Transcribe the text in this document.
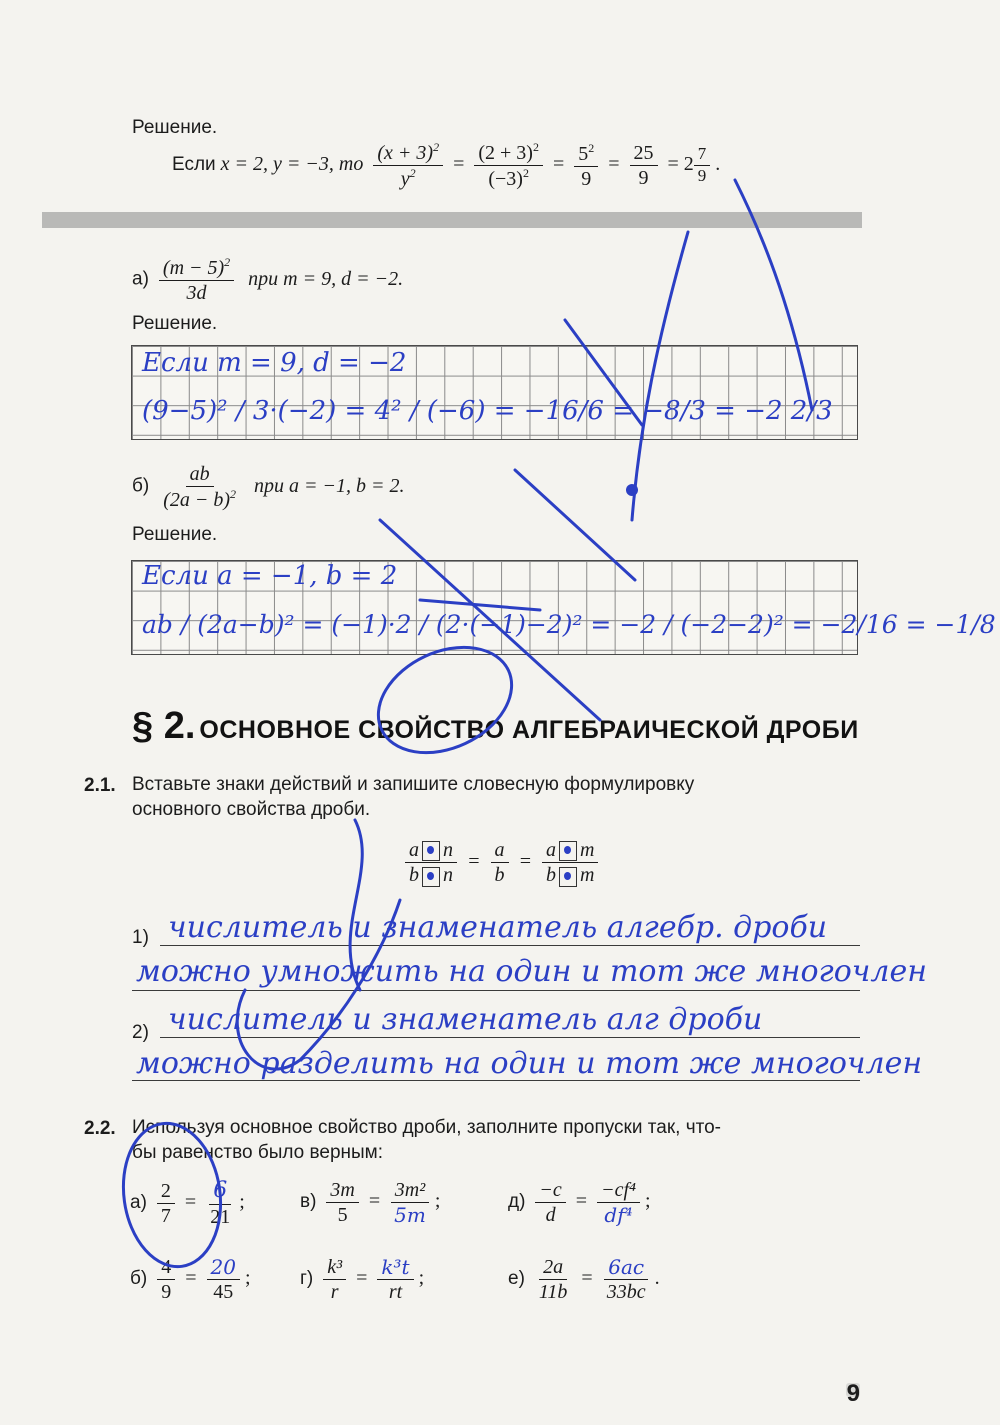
Решение.
Если x = 2, y = −3, то $\frac{(x + 3)^2}{y^2} = \frac{(2 + 3)^2}{(-3)^2} = \frac{5^2}{9} = \frac{25}{9} = 2 \frac{7}{9}$ .
$а) \frac{(m - 5)^2}{3d}$ при m = 9, d = −2.
Решение.
Если m = 9, d = −2
(9−5)² / 3·(−2) = 4² / (−6) = −16/6 = −8/3 = −2 2/3
$б) \frac{ab}{(2a - b)^2}$ при a = −1, b = 2.
Решение.
Если a = −1, b = 2
ab / (2a−b)² = (−1)·2 / (2·(−1)−2)² = −2 / (−2−2)² = −2/16 = −1/8
§ 2. ОСНОВНОЕ СВОЙСТВО АЛГЕБРАИЧЕСКОЙ ДРОБИ
2.1. Вставьте знаки действий и запишите словесную формулировку
основного свойства дроби.
$\frac{\text{a n}}{\text{b n}} = \frac{a}{b} = \frac{\text{a m}}{\text{b m}}$
1) числитель и знаменатель алгебр. дроби
можно умножить на один и тот же многочлен
2) числитель и знаменатель алг дроби
можно разделить на один и тот же многочлен
2.2. Используя основное свойство дроби, заполните пропуски так, что-
бы равенство было верным:
$а) \frac{2}{7} = \frac{6}{21}$ ;	$в) \frac{3m}{5} = \frac{\text{3m²}}{5m}$ ;	$д) \frac{-c}{d} = \frac{\text{−cf⁴}}{\text{df⁴}}$ ;
$б) \frac{4}{9} = \frac{20}{45}$ ;	$г) \frac{\text{k³}}{r} = \frac{\text{k³t}}{rt}$ ;	$е) \frac{2a}{11b} = \frac{6ac}{33bc}$ .
9
